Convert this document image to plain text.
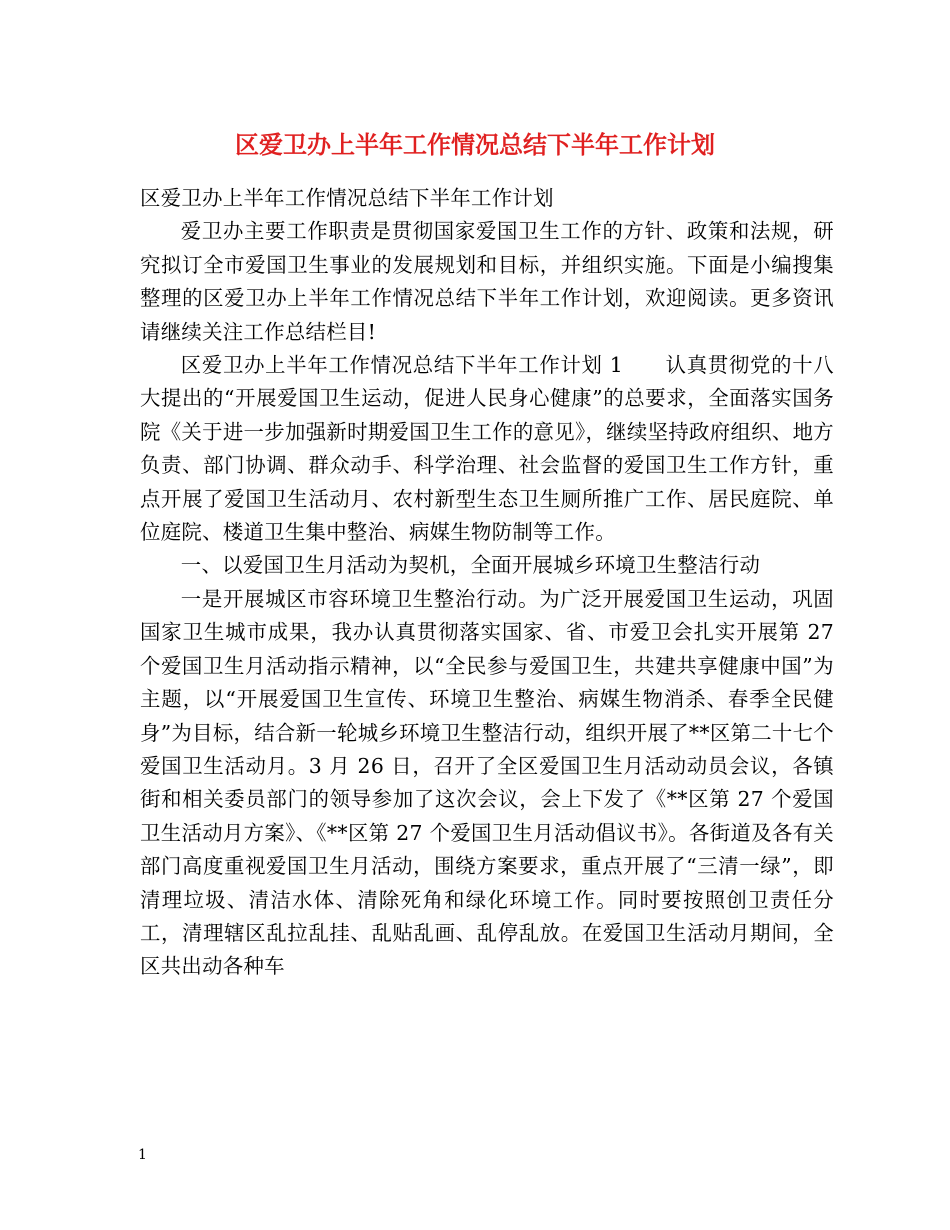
区爱卫办上半年工作情况总结下半年工作计划

区爱卫办上半年工作情况总结下半年工作计划

爱卫办主要工作职责是贯彻国家爱国卫生工作的方针、政策和法规，研究拟订全市爱国卫生事业的发展规划和目标，并组织实施。下面是小编搜集整理的区爱卫办上半年工作情况总结下半年工作计划，欢迎阅读。更多资讯请继续关注工作总结栏目!

区爱卫办上半年工作情况总结下半年工作计划 1　　认真贯彻党的十八大提出的“开展爱国卫生运动，促进人民身心健康”的总要求，全面落实国务院《关于进一步加强新时期爱国卫生工作的意见》，继续坚持政府组织、地方负责、部门协调、群众动手、科学治理、社会监督的爱国卫生工作方针，重点开展了爱国卫生活动月、农村新型生态卫生厕所推广工作、居民庭院、单位庭院、楼道卫生集中整治、病媒生物防制等工作。

一、以爱国卫生月活动为契机，全面开展城乡环境卫生整洁行动

一是开展城区市容环境卫生整治行动。为广泛开展爱国卫生运动，巩固国家卫生城市成果，我办认真贯彻落实国家、省、市爱卫会扎实开展第 27 个爱国卫生月活动指示精神，以“全民参与爱国卫生，共建共享健康中国”为主题，以“开展爱国卫生宣传、环境卫生整治、病媒生物消杀、春季全民健身”为目标，结合新一轮城乡环境卫生整洁行动，组织开展了**区第二十七个爱国卫生活动月。3 月 26 日，召开了全区爱国卫生月活动动员会议，各镇街和相关委员部门的领导参加了这次会议，会上下发了《**区第 27 个爱国卫生活动月方案》、《**区第 27 个爱国卫生月活动倡议书》。各街道及各有关部门高度重视爱国卫生月活动，围绕方案要求，重点开展了“三清一绿”，即清理垃圾、清洁水体、清除死角和绿化环境工作。同时要按照创卫责任分工，清理辖区乱拉乱挂、乱贴乱画、乱停乱放。在爱国卫生活动月期间，全区共出动各种车

1
